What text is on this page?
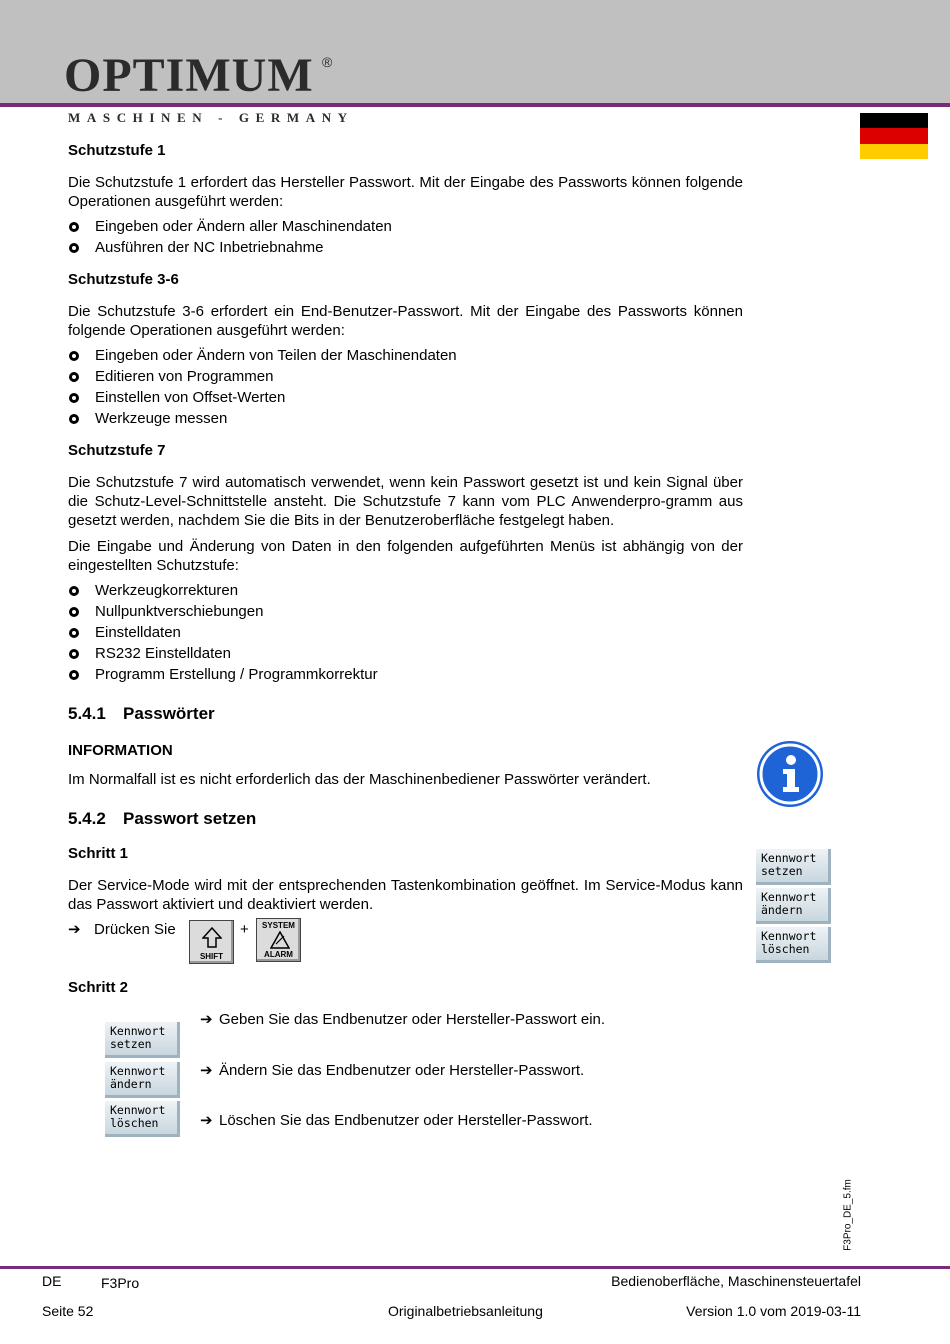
OPTIMUM ®
MASCHINEN - GERMANY
Schutzstufe 1
Die Schutzstufe 1 erfordert das Hersteller Passwort. Mit der Eingabe des Passworts können folgende Operationen ausgeführt werden:
Eingeben oder Ändern aller Maschinendaten
Ausführen der NC Inbetriebnahme
Schutzstufe 3-6
Die Schutzstufe 3-6 erfordert ein End-Benutzer-Passwort. Mit der Eingabe des Passworts können folgende Operationen ausgeführt werden:
Eingeben oder Ändern von Teilen der Maschinendaten
Editieren von Programmen
Einstellen von Offset-Werten
Werkzeuge messen
Schutzstufe 7
Die Schutzstufe 7 wird automatisch verwendet, wenn kein Passwort gesetzt ist und kein Signal über die Schutz-Level-Schnittstelle ansteht. Die Schutzstufe 7 kann vom PLC Anwenderpro-gramm aus gesetzt werden, nachdem Sie die Bits in der Benutzeroberfläche festgelegt haben.
Die Eingabe und Änderung von Daten in den folgenden aufgeführten Menüs ist abhängig von der eingestellten Schutzstufe:
Werkzeugkorrekturen
Nullpunktverschiebungen
Einstelldaten
RS232 Einstelldaten
Programm Erstellung / Programmkorrektur
5.4.1 Passwörter
INFORMATION
Im Normalfall ist es nicht erforderlich das der Maschinenbediener Passwörter verändert.
5.4.2 Passwort setzen
Schritt 1
Der Service-Mode wird mit der entsprechenden Tastenkombination geöffnet. Im Service-Modus kann das Passwort aktiviert und deaktiviert werden.
Schritt 2
➔ Drücken Sie
SHIFT
+	SYSTEM
ALARM
Kennwort
setzen
Kennwort
ändern
Kennwort
löschen
Kennwort
setzen
Kennwort
ändern
Kennwort
löschen
➔ Geben Sie das Endbenutzer oder Hersteller-Passwort ein.
➔ Ändern Sie das Endbenutzer oder Hersteller-Passwort.
➔ Löschen Sie das Endbenutzer oder Hersteller-Passwort.
F3Pro_DE_5.fm
DE	F3Pro	Bedienoberfläche, Maschinensteuertafel
Seite 52	Originalbetriebsanleitung	Version 1.0 vom 2019-03-11
